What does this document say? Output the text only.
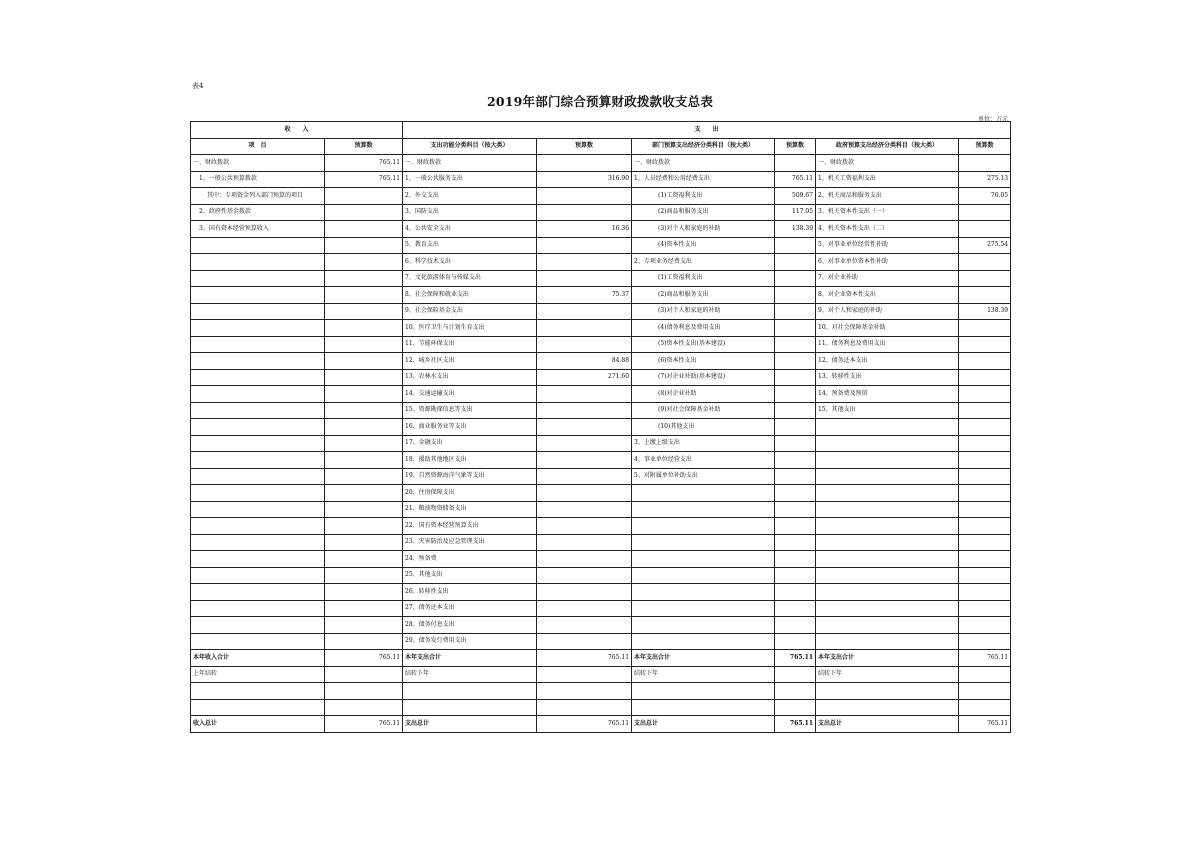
表4
2019年部门综合预算财政拨款收支总表
单位：万元
收　　入		支　　出					
项　目	预算数	支出功能分类科目（按大类）	预算数	部门预算支出经济分类科目（按大类）	预算数	政府预算支出经济分类科目（按大类）	预算数
一、财政拨款	765.11	一、财政拨款		一、财政拨款		一、财政拨款	
1、一般公共预算拨款	765.11	1、一般公共服务支出	316.90	1、人员经费和公用经费支出	765.11	1、机关工资福利支出	275.13
其中：专项资金列入部门预算的项目		2、外交支出		(1)工资福利支出	509.67	2、机关商品和服务支出	76.05
2、政府性基金拨款		3、国防支出		(2)商品和服务支出	117.05	3、机关资本性支出（一）	
3、国有资本经营预算收入		4、公共安全支出	16.36	(3)对个人和家庭的补助	138.39	4、机关资本性支出（二）	
		5、教育支出		(4)资本性支出		5、对事业单位经常性补助	275.54
		6、科学技术支出		2、专项业务经费支出		6、对事业单位资本性补助	
		7、文化旅游体育与传媒支出		(1)工资福利支出		7、对企业补助	
		8、社会保障和就业支出	75.37	(2)商品和服务支出		8、对企业资本性支出	
		9、社会保险基金支出		(3)对个人和家庭的补助		9、对个人和家庭的补助	138.39
		10、医疗卫生与计划生育支出		(4)债务利息及费用支出		10、对社会保障基金补助	
		11、节能环保支出		(5)资本性支出(基本建设)		11、债务利息及费用支出	
		12、城乡社区支出	84.88	(6)资本性支出		12、债务还本支出	
		13、农林水支出	271.60	(7)对企业补助(基本建设)		13、转移性支出	
		14、交通运输支出		(8)对企业补助		14、预备费及预留	
		15、资源勘探信息等支出		(9)对社会保障基金补助		15、其他支出	
		16、商业服务业等支出		(10)其他支出			
		17、金融支出		3、上缴上级支出			
		18、援助其他地区支出		4、事业单位经营支出			
		19、自然资源海洋气象等支出		5、对附属单位补助支出			
		20、住房保障支出					
		21、粮油物资储备支出					
		22、国有资本经营预算支出					
		23、灾害防治及应急管理支出					
		24、预备费					
		25、其他支出					
		26、转移性支出					
		27、债务还本支出					
		28、债务付息支出					
		29、债务发行费用支出					
本年收入合计	765.11	本年支出合计	765.11	本年支出合计	765.11	本年支出合计	765.11
上年结转		结转下年		结转下年		结转下年	

收入总计	765.11	支出总计	765.11	支出总计	765.11	支出总计	765.11
